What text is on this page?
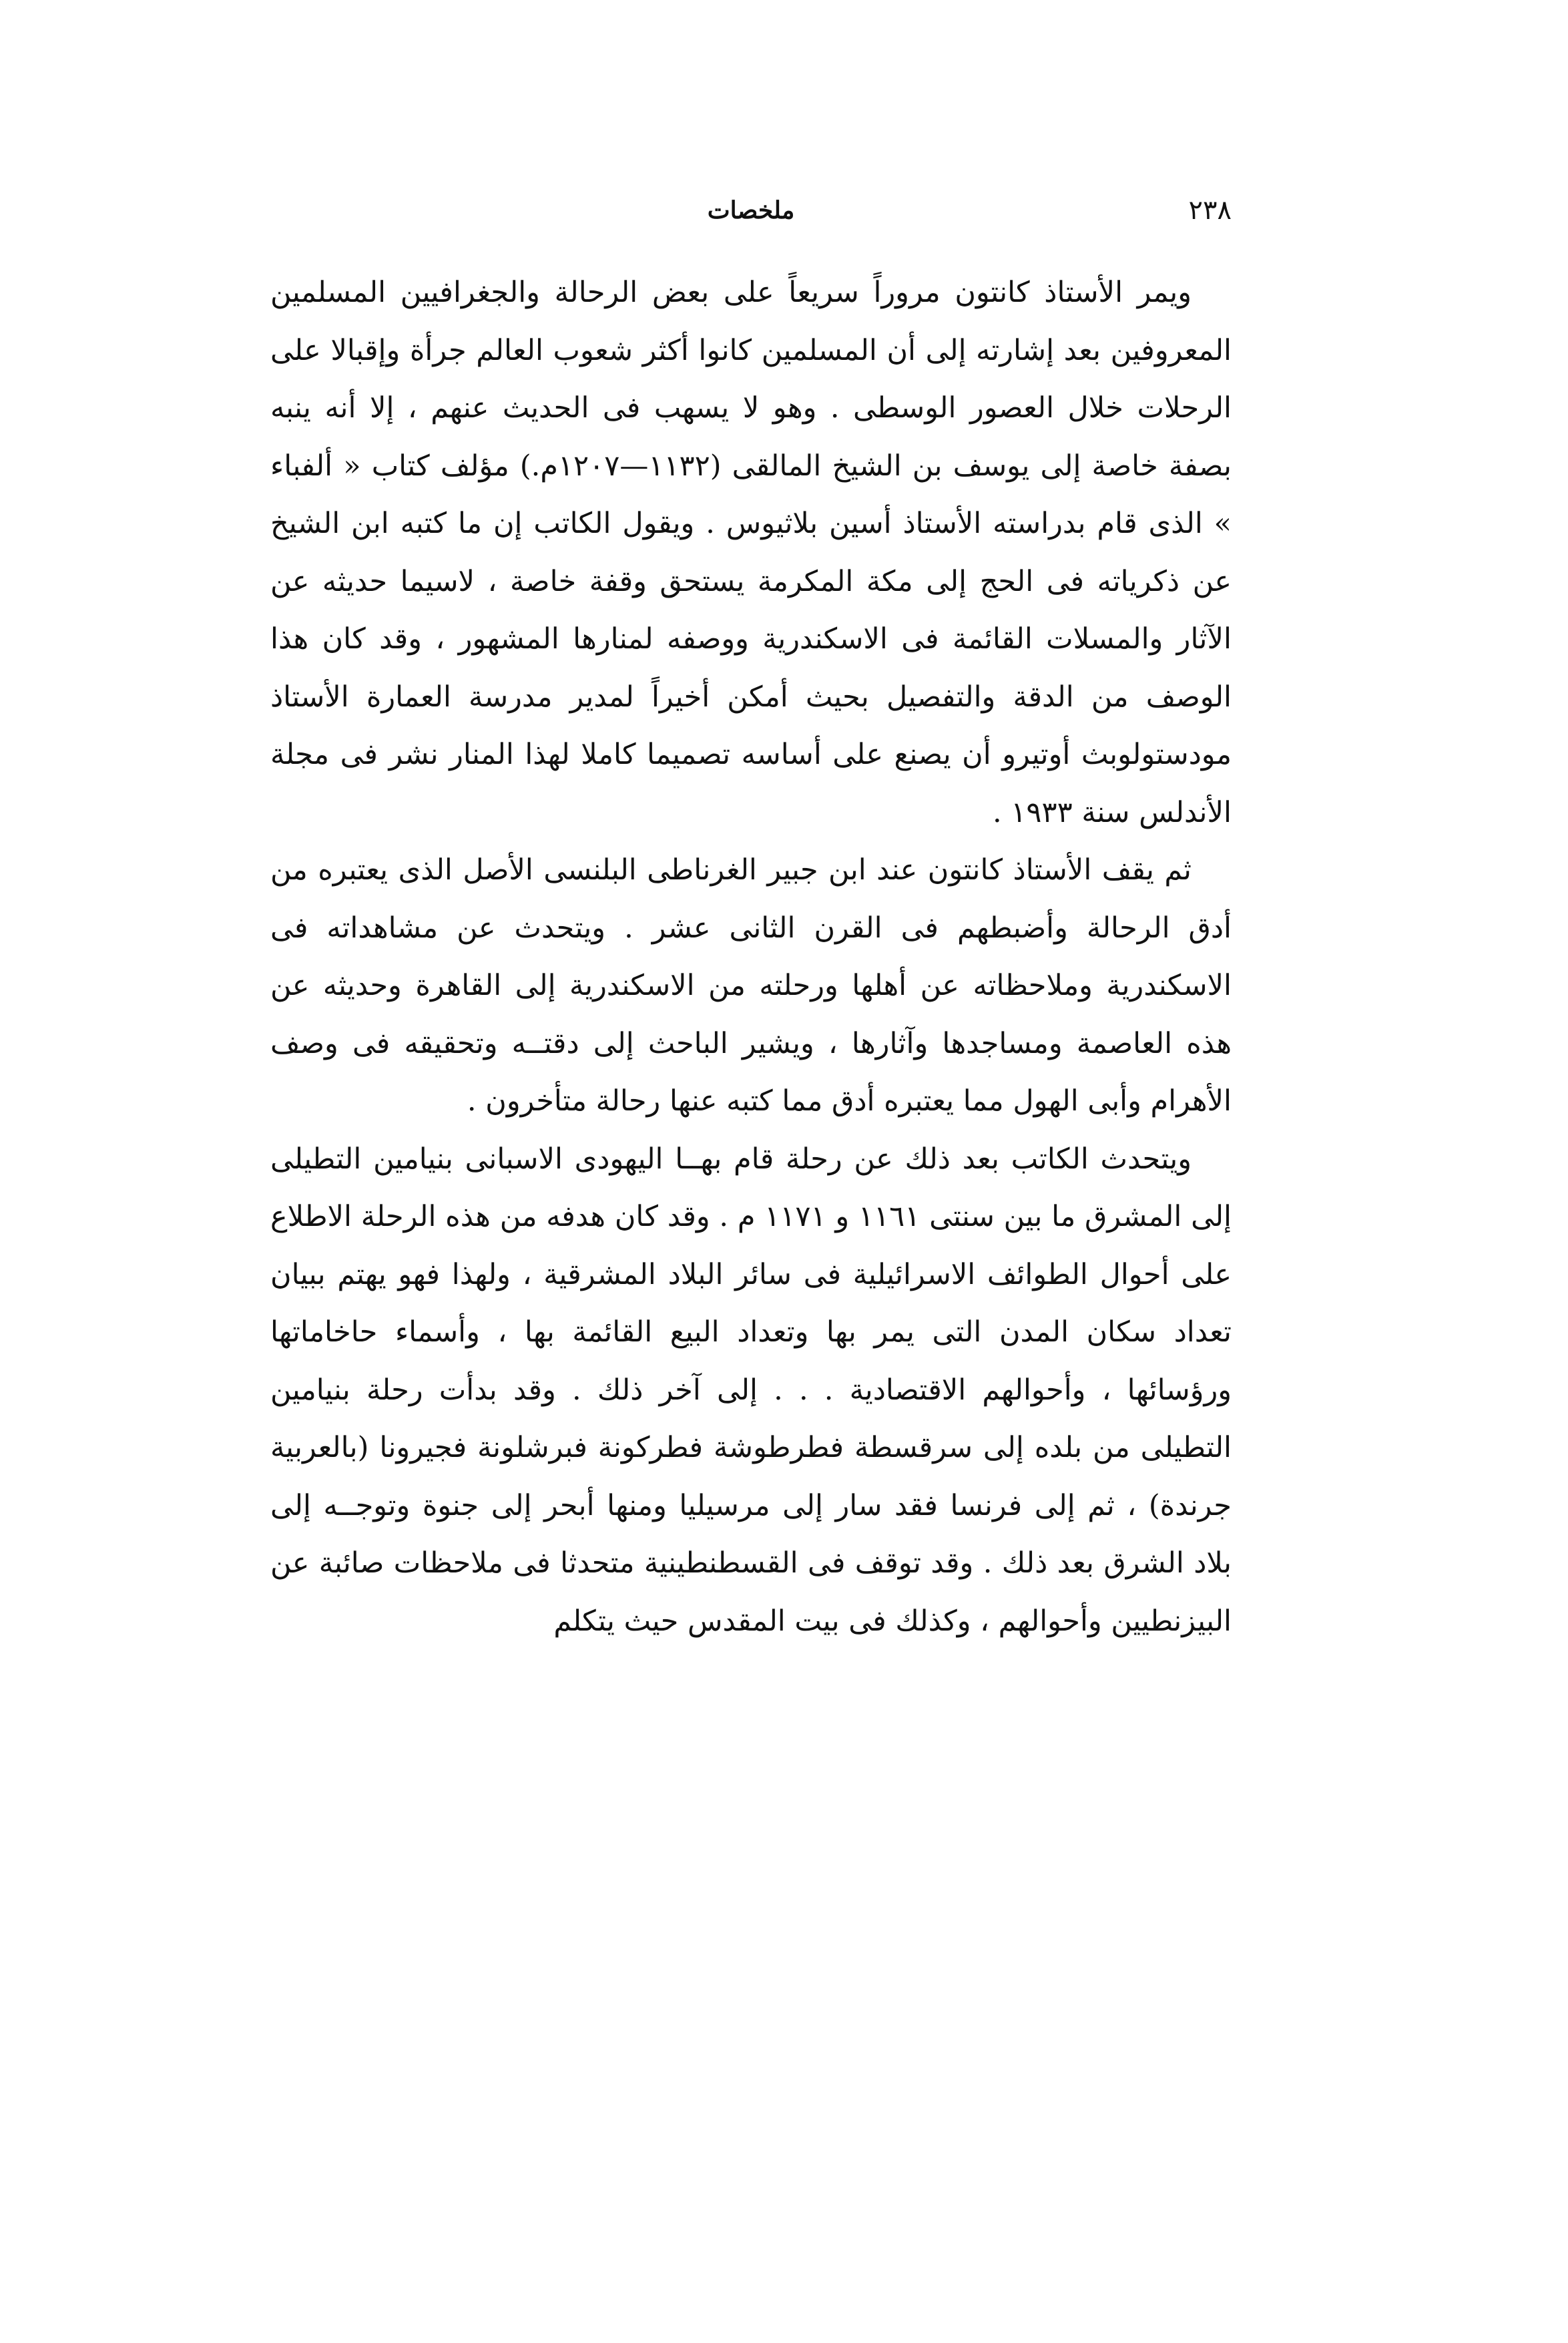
٢٣٨
ملخصات

ويمر الأستاذ كانتون مروراً سريعاً على بعض الرحالة والجغرافيين المسلمين المعروفين بعد إشارته إلى أن المسلمين كانوا أكثر شعوب العالم جرأة وإقبالا على الرحلات خلال العصور الوسطى . وهو لا يسهب فى الحديث عنهم ، إلا أنه ينبه بصفة خاصة إلى يوسف بن الشيخ المالقى (١١٣٢—١٢٠٧م.) مؤلف كتاب « ألفباء » الذى قام بدراسته الأستاذ أسين بلاثيوس . ويقول الكاتب إن ما كتبه ابن الشيخ عن ذكرياته فى الحج إلى مكة المكرمة يستحق وقفة خاصة ، لاسيما حديثه عن الآثار والمسلات القائمة فى الاسكندرية ووصفه لمنارها المشهور ، وقد كان هذا الوصف من الدقة والتفصيل بحيث أمكن أخيراً لمدير مدرسة العمارة الأستاذ مودستولوبث أوتيرو أن يصنع على أساسه تصميما كاملا لهذا المنار نشر فى مجلة الأندلس سنة ١٩٣٣ .

ثم يقف الأستاذ كانتون عند ابن جبير الغرناطى البلنسى الأصل الذى يعتبره من أدق الرحالة وأضبطهم فى القرن الثانى عشر . ويتحدث عن مشاهداته فى الاسكندرية وملاحظاته عن أهلها ورحلته من الاسكندرية إلى القاهرة وحديثه عن هذه العاصمة ومساجدها وآثارها ، ويشير الباحث إلى دقتــه وتحقيقه فى وصف الأهرام وأبى الهول مما يعتبره أدق مما كتبه عنها رحالة متأخرون .

ويتحدث الكاتب بعد ذلك عن رحلة قام بهــا اليهودى الاسبانى بنيامين التطيلى إلى المشرق ما بين سنتى ١١٦١ و ١١٧١ م . وقد كان هدفه من هذه الرحلة الاطلاع على أحوال الطوائف الاسرائيلية فى سائر البلاد المشرقية ، ولهذا فهو يهتم ببيان تعداد سكان المدن التى يمر بها وتعداد البيع القائمة بها ، وأسماء حاخاماتها ورؤسائها ، وأحوالهم الاقتصادية . . . إلى آخر ذلك . وقد بدأت رحلة بنيامين التطيلى من بلده إلى سرقسطة فطرطوشة فطركونة فبرشلونة فجيرونا (بالعربية جرندة) ، ثم إلى فرنسا فقد سار إلى مرسيليا ومنها أبحر إلى جنوة وتوجــه إلى بلاد الشرق بعد ذلك . وقد توقف فى القسطنطينية متحدثا فى ملاحظات صائبة عن البيزنطيين وأحوالهم ، وكذلك فى بيت المقدس حيث يتكلم
